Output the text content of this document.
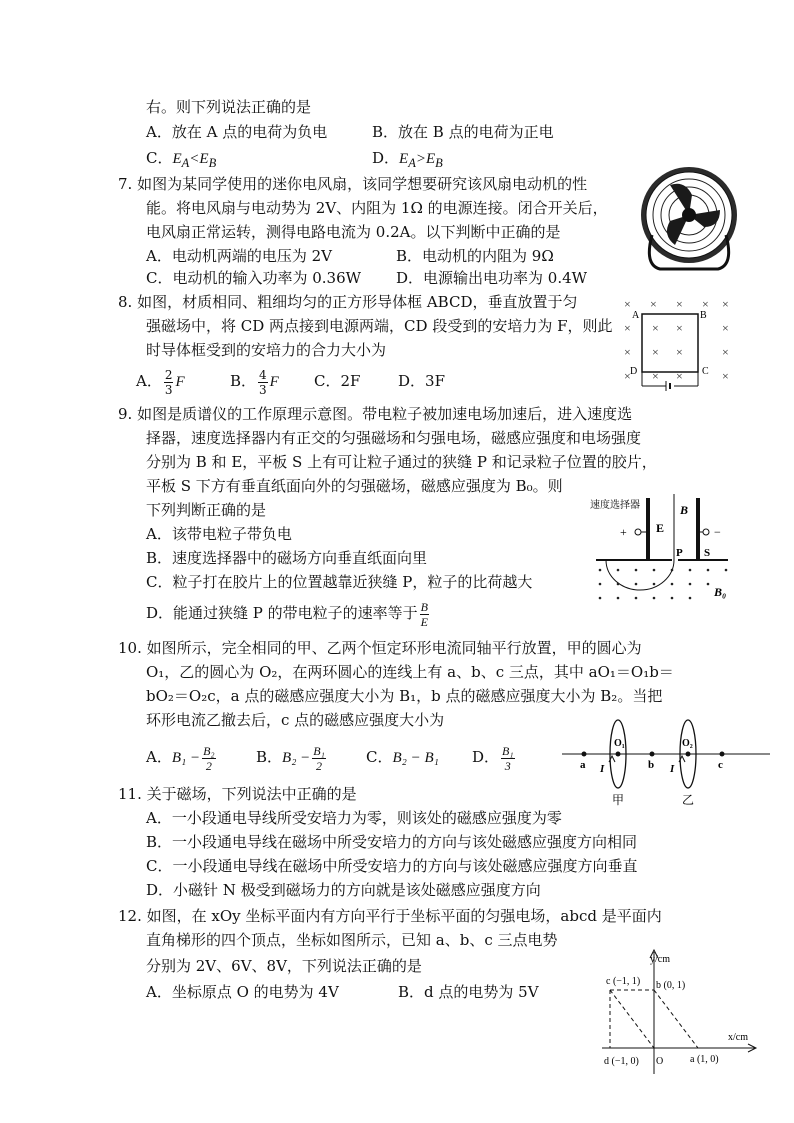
右。则下列说法正确的是
A．放在 A 点的电荷为负电	B．放在 B 点的电荷为正电
C．$E_A<E_B$	D．$E_A>E_B$
7. 如图为某同学使用的迷你电风扇，该同学想要研究该风扇电动机的性
能。将电风扇与电动势为 2V、内阻为 1Ω 的电源连接。闭合开关后，
电风扇正常运转，测得电路电流为 0.2A。以下判断中正确的是
A．电动机两端的电压为 2V	B．电动机的内阻为 9Ω
C．电动机的输入功率为 0.36W D．电源输出电功率为 0.4W
8. 如图，材质相同、粗细均匀的正方形导体框 ABCD，垂直放置于匀
强磁场中，将 CD 两点接到电源两端，CD 段受到的安培力为 F，则此
时导体框受到的安培力的合力大小为
A． $\frac{2}{3}$ F	B． $\frac{4}{3}$ F C．2F	D．3F
× × × × ×
× × ×	×
× × ×	×
× × ×	×
A	B
C
D
9. 如图是质谱仪的工作原理示意图。带电粒子被加速电场加速后，进入速度选
择器，速度选择器内有正交的匀强磁场和匀强电场，磁感应强度和电场强度
分别为 B 和 E，平板 S 上有可让粒子通过的狭缝 P 和记录粒子位置的胶片，
平板 S 下方有垂直纸面向外的匀强磁场，磁感应强度为 B₀。则
下列判断正确的是
A．该带电粒子带负电
B．速度选择器中的磁场方向垂直纸面向里
C．粒子打在胶片上的位置越靠近狭缝 P，粒子的比荷越大
D．能通过狭缝 P 的带电粒子的速率等于 $\frac{B}{E}$
速度选择器
+	−
E
B
P S
B₀
10. 如图所示，完全相同的甲、乙两个恒定环形电流同轴平行放置，甲的圆心为
O₁，乙的圆心为 O₂，在两环圆心的连线上有 a、b、c 三点，其中 aO₁＝O₁b＝
bO₂＝O₂c，a 点的磁感应强度大小为 B₁，b 点的磁感应强度大小为 B₂。当把
环形电流乙撤去后，c 点的磁感应强度大小为
A．$B_1 - \frac{\text{B₂}}{2}$	B．$B_2 - \frac{\text{B₁}}{2}$	C．B₂ − B₁ D． $\frac{\text{B₁}}{3}$	a	b	c
O₁	O₂
I	I
甲	乙
11. 关于磁场，下列说法中正确的是
A．一小段通电导线所受安培力为零，则该处的磁感应强度为零
B．一小段通电导线在磁场中所受安培力的方向与该处磁感应强度方向相同
C．一小段通电导线在磁场中所受安培力的方向与该处磁感应强度方向垂直
D．小磁针 N 极受到磁场力的方向就是该处磁感应强度方向
12. 如图，在 xOy 坐标平面内有方向平行于坐标平面的匀强电场，abcd 是平面内
直角梯形的四个顶点，坐标如图所示，已知 a、b、c 三点电势
分别为 2V、6V、8V，下列说法正确的是
A．坐标原点 O 的电势为 4V	B．d 点的电势为 5V
y/cm
x/cm
c (−1, 1) b (0, 1)
d (−1, 0)	a (1, 0)
O
